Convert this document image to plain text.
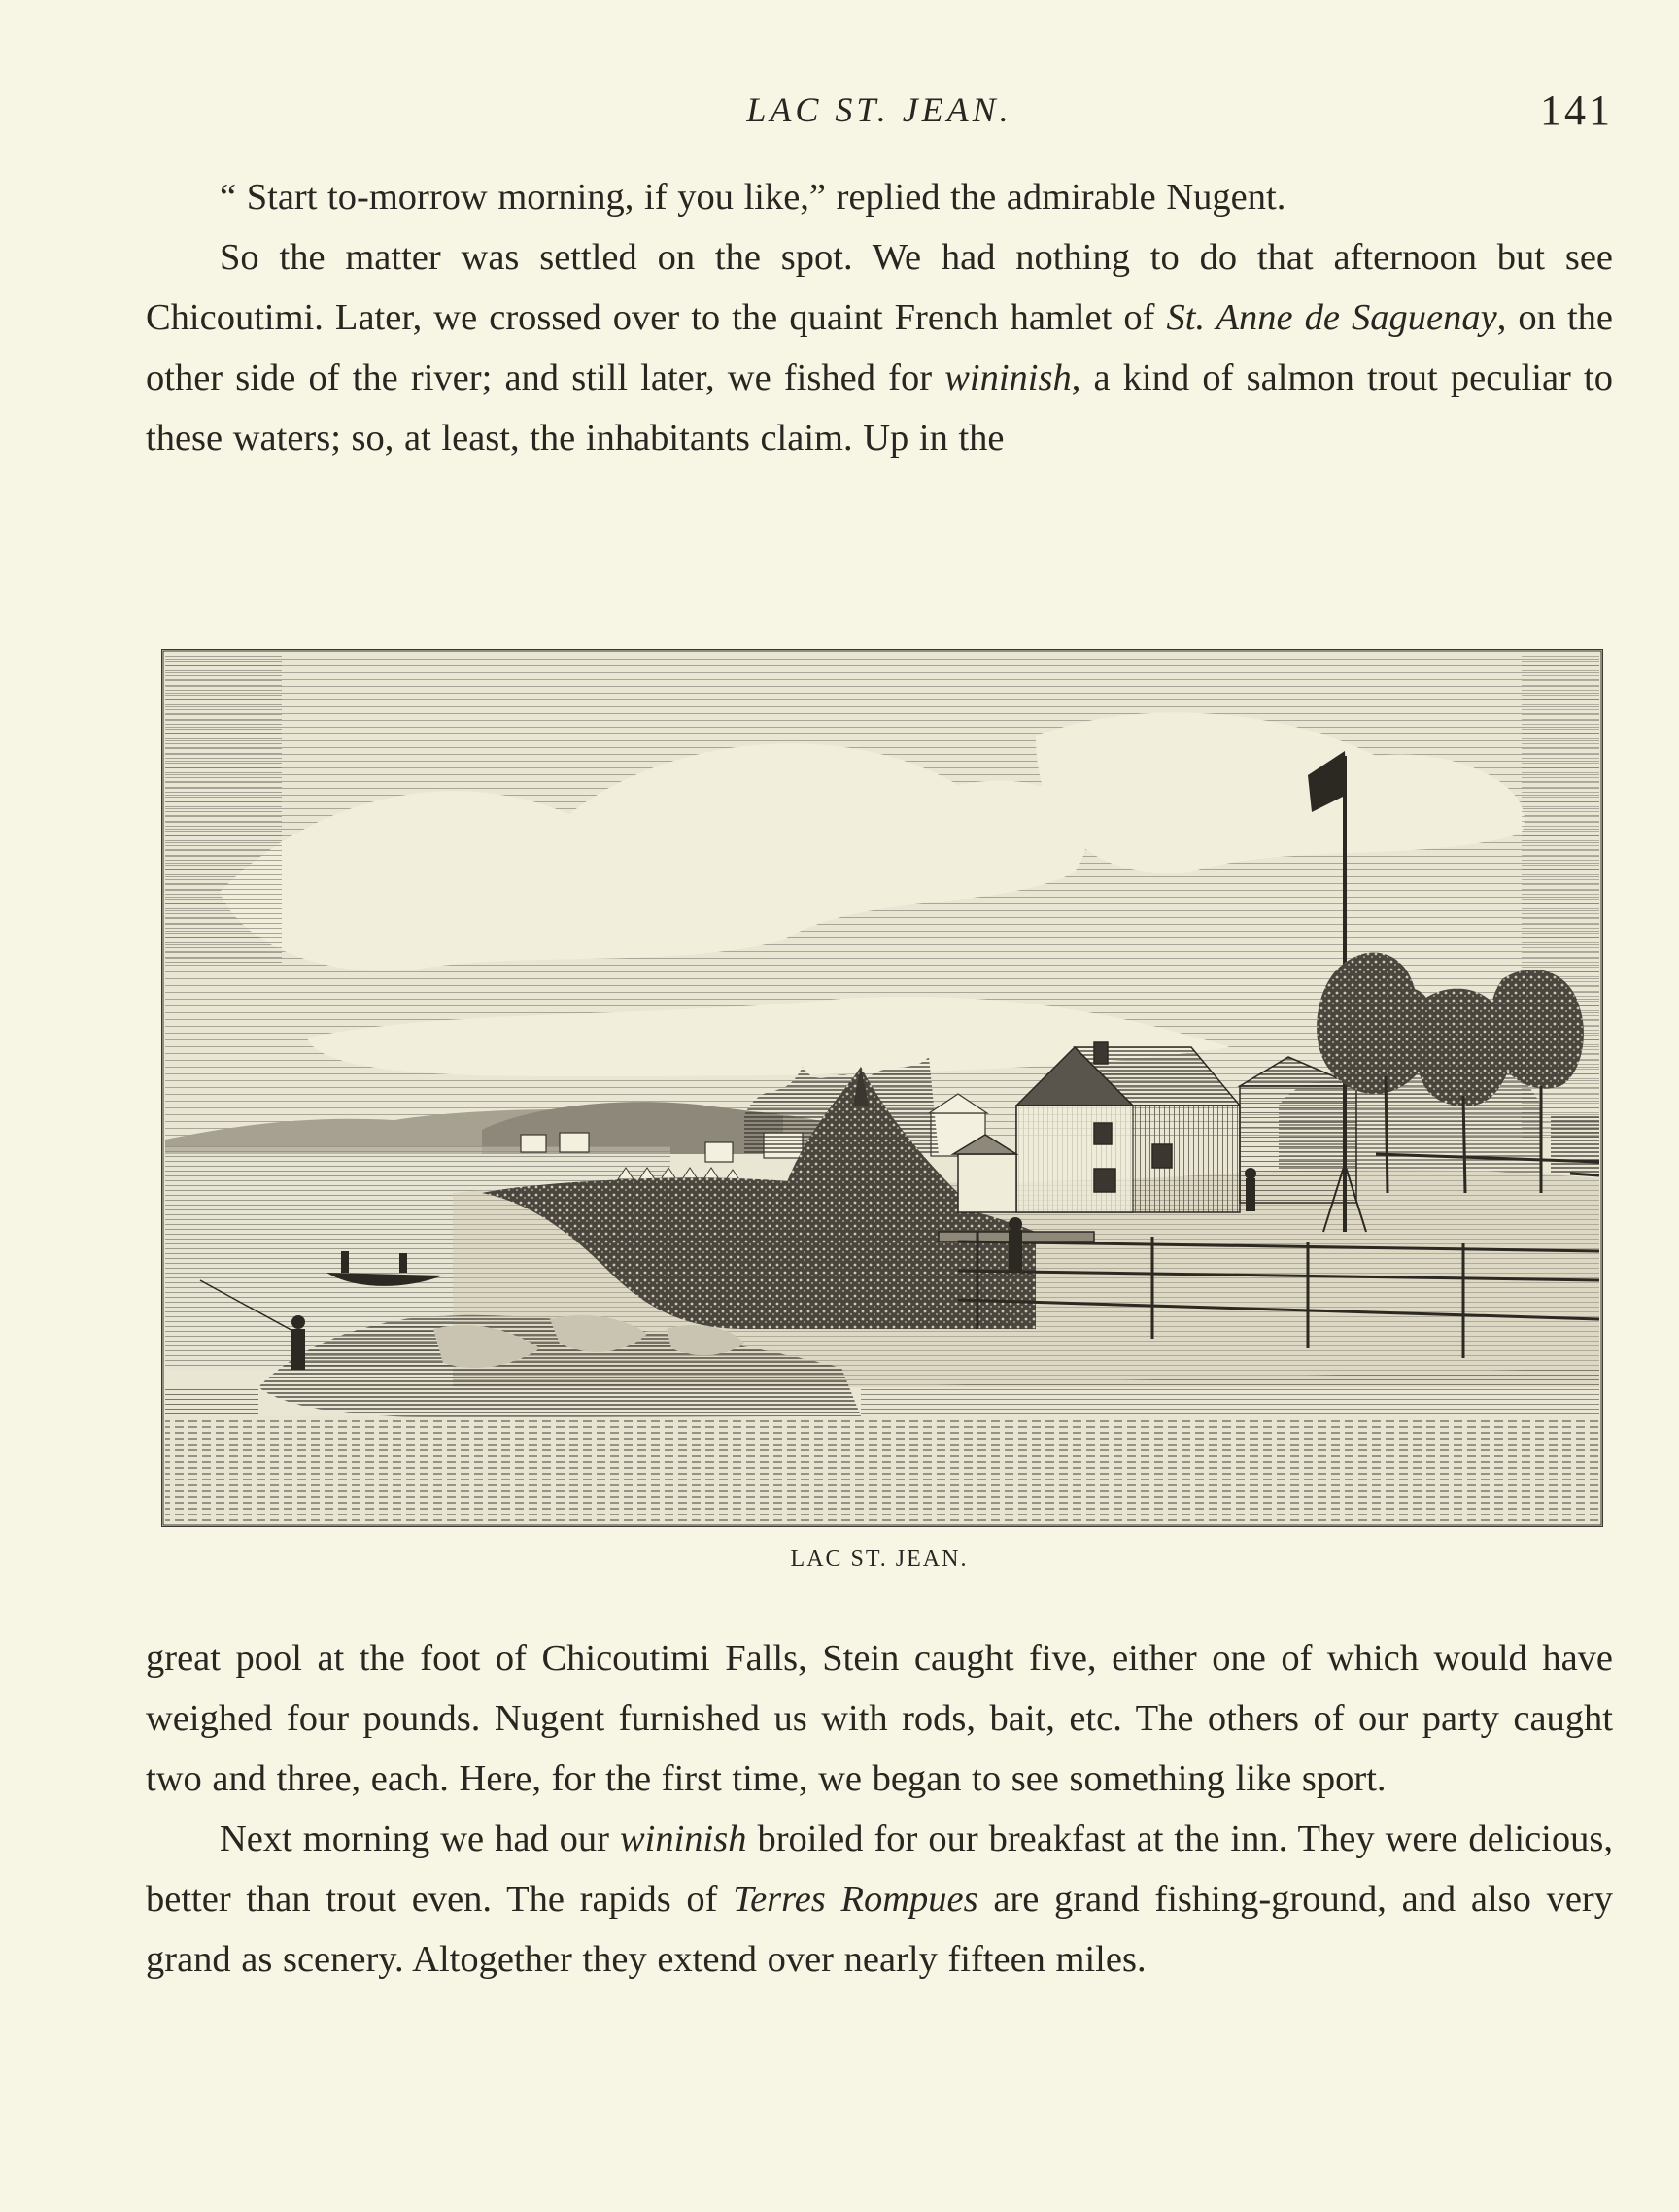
LAC ST. JEAN.	141

“ Start to-morrow morning, if you like,” replied the admirable Nugent.

So the matter was settled on the spot. We had nothing to do that afternoon but see Chicoutimi. Later, we crossed over to the quaint French hamlet of St. Anne de Saguenay, on the other side of the river; and still later, we fished for wininish, a kind of salmon trout peculiar to these waters; so, at least, the inhabitants claim. Up in the

LAC ST. JEAN.

great pool at the foot of Chicoutimi Falls, Stein caught five, either one of which would have weighed four pounds. Nugent furnished us with rods, bait, etc. The others of our party caught two and three, each. Here, for the first time, we began to see something like sport.

Next morning we had our wininish broiled for our breakfast at the inn. They were delicious, better than trout even. The rapids of Terres Rompues are grand fishing-ground, and also very grand as scenery. Altogether they extend over nearly fifteen miles.
